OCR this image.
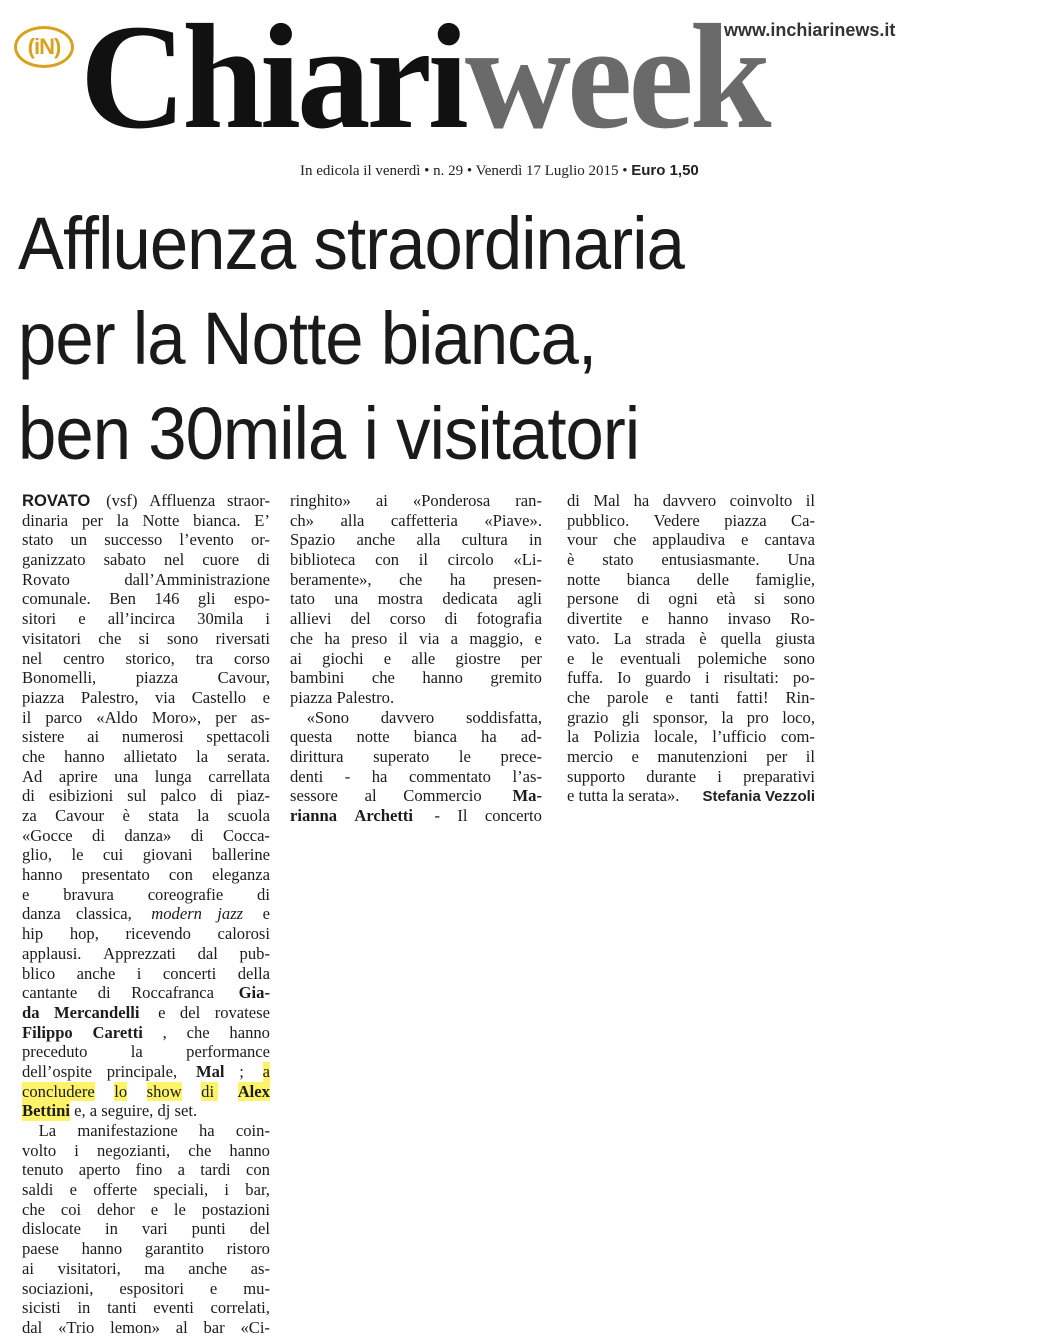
(iN) Chiariweek
www.inchiarinews.it
In edicola il venerdì • n. 29 • Venerdì 17 Luglio 2015 • Euro 1,50
Affluenza straordinaria
per la Notte bianca,
ben 30mila i visitatori
ROVATO (vsf) Affluenza straor-
dinaria per la Notte bianca. E’
stato un successo l’evento or-
ganizzato sabato nel cuore di
Rovato	dall’Amministrazione
comunale. Ben 146 gli espo-
sitori e all’incirca 30mila i
visitatori che si sono riversati
nel centro storico, tra corso
Bonomelli, piazza Cavour,
piazza Palestro, via Castello e
il parco «Aldo Moro», per as-
sistere ai numerosi spettacoli
che hanno allietato la serata.
Ad aprire una lunga carrellata
di esibizioni sul palco di piaz-
za Cavour è stata la scuola
«Gocce di danza» di Cocca-
glio, le cui giovani ballerine
hanno presentato con eleganza
e bravura coreografie di
danza classica, modern jazz e
hip hop, ricevendo calorosi
applausi. Apprezzati dal pub-
blico anche i concerti della
cantante di Roccafranca Gia-
da Mercandelli e del rovatese
Filippo Caretti , che hanno
preceduto	la	performance
dell’ospite principale, Mal ; a
concludere lo show di Alex
Bettini e, a seguire, dj set.
La manifestazione ha coin-
volto i negozianti, che hanno
tenuto aperto fino a tardi con
saldi e offerte speciali, i bar,
che coi dehor e le postazioni
dislocate in vari punti del
paese hanno garantito ristoro
ai visitatori, ma anche as-
sociazioni, espositori e mu-
sicisti in tanti eventi correlati,
dal «Trio lemon» al bar «Ci-
ringhito» ai «Ponderosa ran-
ch» alla caffetteria «Piave».
Spazio anche alla cultura in
biblioteca con il circolo «Li-
beramente», che ha presen-
tato una mostra dedicata agli
allievi del corso di fotografia
che ha preso il via a maggio, e
ai giochi e alle giostre per
bambini che hanno gremito
piazza Palestro.
«Sono davvero soddisfatta,
questa notte bianca ha ad-
dirittura superato le prece-
denti - ha commentato l’as-
sessore al Commercio Ma-
rianna Archetti - Il concerto
di Mal ha davvero coinvolto il
pubblico. Vedere piazza Ca-
vour che applaudiva e cantava
è stato entusiasmante. Una
notte bianca delle famiglie,
persone di ogni età si sono
divertite e hanno invaso Ro-
vato. La strada è quella giusta
e le eventuali polemiche sono
fuffa. Io guardo i risultati: po-
che parole e tanti fatti! Rin-
grazio gli sponsor, la pro loco,
la Polizia locale, l’ufficio com-
mercio e manutenzioni per il
supporto durante i preparativi
e tutta la serata».	Stefania Vezzoli
